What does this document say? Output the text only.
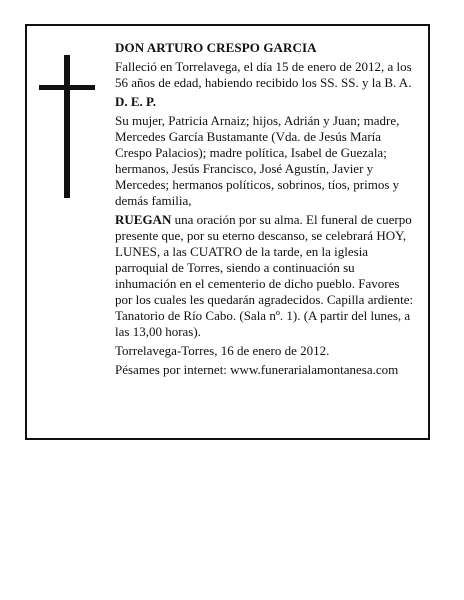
DON ARTURO CRESPO GARCIA

Falleció en Torrelavega, el día 15 de enero de 2012, a los 56 años de edad, habiendo recibido los SS. SS. y la B. A.

D. E. P.

Su mujer, Patricia Arnaiz; hijos, Adrián y Juan; madre, Mercedes García Bustamante (Vda. de Jesús María Crespo Palacios); madre política, Isabel de Guezala; hermanos, Jesús Francisco, José Agustín, Javier y Mercedes; hermanos políticos, sobrinos, tíos, primos y demás familia,

RUEGAN una oración por su alma. El funeral de cuerpo presente que, por su eterno descanso, se celebrará HOY, LUNES, a las CUATRO de la tarde, en la iglesia parroquial de Torres, siendo a continuación su inhumación en el cementerio de dicho pueblo. Favores por los cuales les quedarán agradecidos. Capilla ardiente: Tanatorio de Río Cabo. (Sala nº. 1). (A partir del lunes, a las 13,00 horas).

Torrelavega-Torres, 16 de enero de 2012.

Pésames por internet: www.funerarialamontanesa.com
